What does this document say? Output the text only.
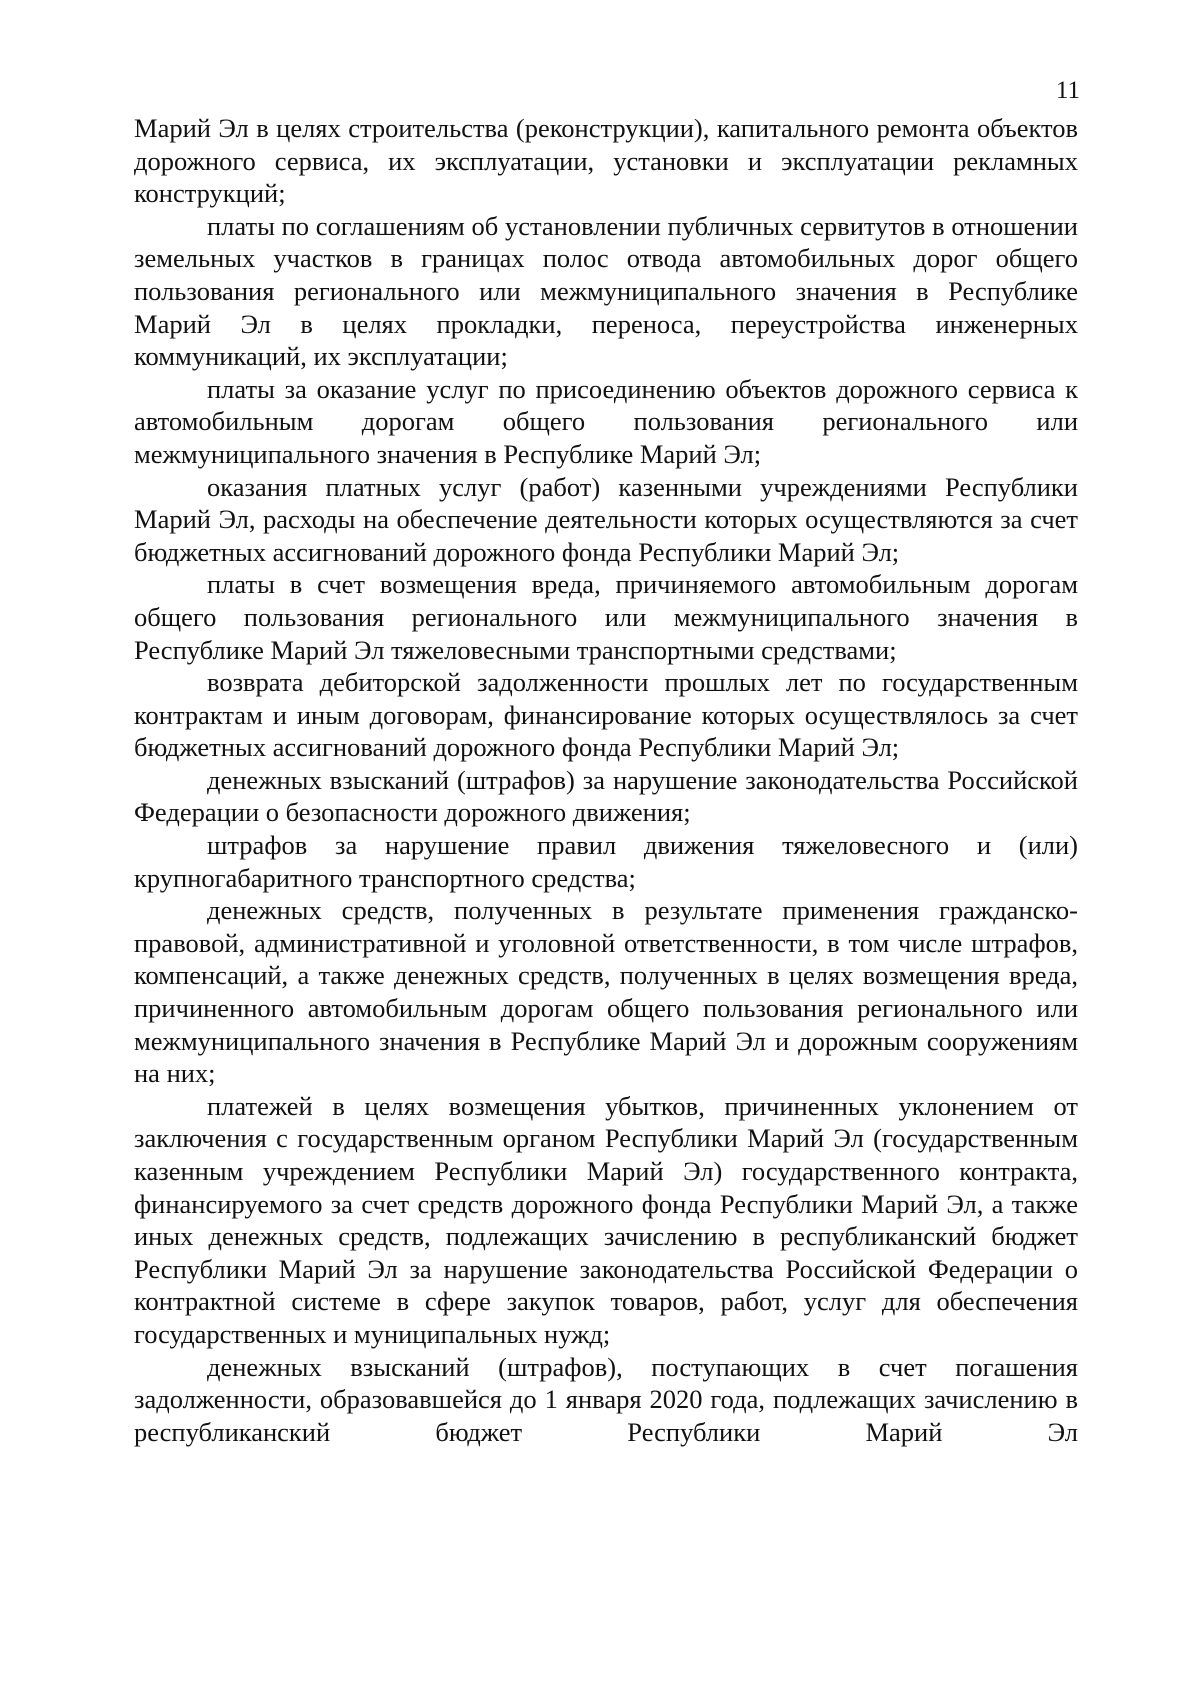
11

Марий Эл в целях строительства (реконструкции), капитального ремонта объектов дорожного сервиса, их эксплуатации, установки и эксплуатации рекламных конструкций;

платы по соглашениям об установлении публичных сервитутов в отношении земельных участков в границах полос отвода автомобильных дорог общего пользования регионального или межмуниципального значения в Республике Марий Эл в целях прокладки, переноса, переустройства инженерных коммуникаций, их эксплуатации;

платы за оказание услуг по присоединению объектов дорожного сервиса к автомобильным дорогам общего пользования регионального или межмуниципального значения в Республике Марий Эл;

оказания платных услуг (работ) казенными учреждениями Республики Марий Эл, расходы на обеспечение деятельности которых осуществляются за счет бюджетных ассигнований дорожного фонда Республики Марий Эл;

платы в счет возмещения вреда, причиняемого автомобильным дорогам общего пользования регионального или межмуниципального значения в Республике Марий Эл тяжеловесными транспортными средствами;

возврата дебиторской задолженности прошлых лет по государственным контрактам и иным договорам, финансирование которых осуществлялось за счет бюджетных ассигнований дорожного фонда Республики Марий Эл;

денежных взысканий (штрафов) за нарушение законодательства Российской Федерации о безопасности дорожного движения;

штрафов за нарушение правил движения тяжеловесного и (или) крупногабаритного транспортного средства;

денежных средств, полученных в результате применения гражданско-правовой, административной и уголовной ответственности, в том числе штрафов, компенсаций, а также денежных средств, полученных в целях возмещения вреда, причиненного автомобильным дорогам общего пользования регионального или межмуниципального значения в Республике Марий Эл и дорожным сооружениям на них;

платежей в целях возмещения убытков, причиненных уклонением от заключения с государственным органом Республики Марий Эл (государственным казенным учреждением Республики Марий Эл) государственного контракта, финансируемого за счет средств дорожного фонда Республики Марий Эл, а также иных денежных средств, подлежащих зачислению в республиканский бюджет Республики Марий Эл за нарушение законодательства Российской Федерации о контрактной системе в сфере закупок товаров, работ, услуг для обеспечения государственных и муниципальных нужд;

денежных взысканий (штрафов), поступающих в счет погашения задолженности, образовавшейся до 1 января 2020 года, подлежащих зачислению в республиканский бюджет Республики Марий Эл
